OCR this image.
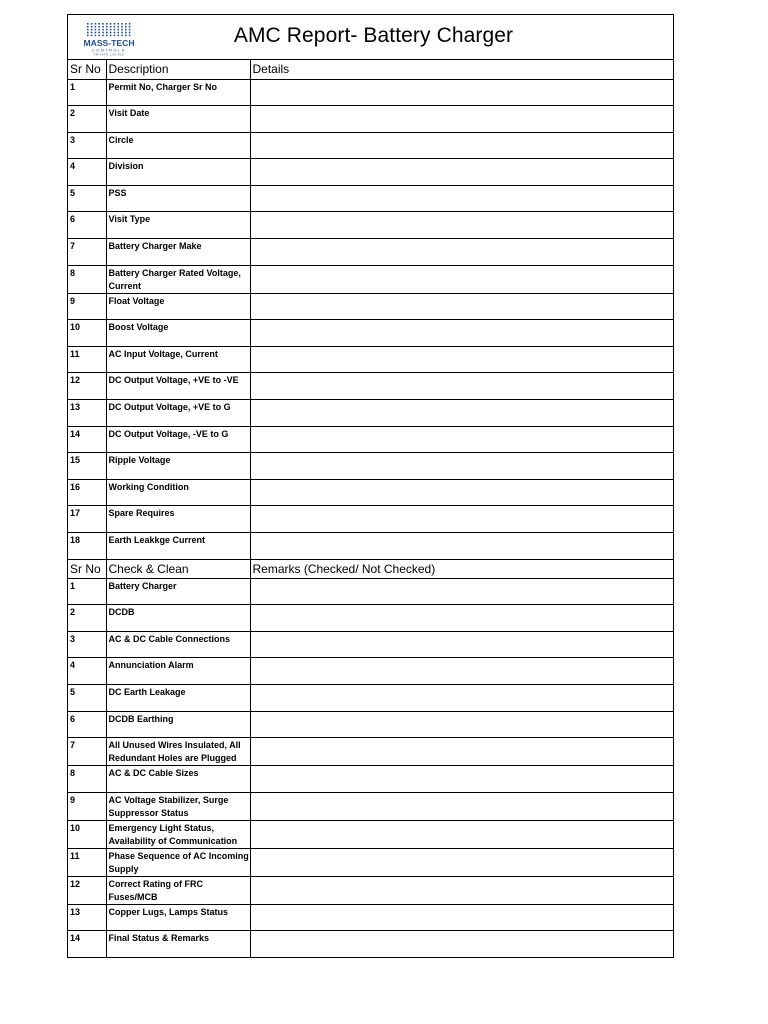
MASS-TECH
CONTROLS
PRIVATE LIMITED
AMC Report- Battery Charger
Sr No	Description	Details
1	Permit No, Charger Sr No	
2	Visit Date	
3	Circle	
4	Division	
5	PSS	
6	Visit Type	
7	Battery Charger Make	
8	Battery Charger Rated Voltage, Current	
9	Float Voltage	
10	Boost Voltage	
11	AC Input Voltage, Current	
12	DC Output Voltage, +VE to -VE	
13	DC Output Voltage, +VE to G	
14	DC Output Voltage, -VE to G	
15	Ripple Voltage	
16	Working Condition	
17	Spare Requires	
18	Earth Leakkge Current	
Sr No	Check & Clean	Remarks (Checked/ Not Checked)
1	Battery Charger	
2	DCDB	
3	AC & DC Cable Connections	
4	Annunciation Alarm	
5	DC Earth Leakage	
6	DCDB Earthing	
7	All Unused Wires Insulated, All Redundant Holes are Plugged	
8	AC & DC Cable Sizes	
9	AC Voltage Stabilizer, Surge Suppressor Status	
10	Emergency Light Status, Availability of Communication	
11	Phase Sequence of AC Incoming Supply	
12	Correct Rating of FRC Fuses/MCB	
13	Copper Lugs, Lamps Status	
14	Final Status & Remarks	
